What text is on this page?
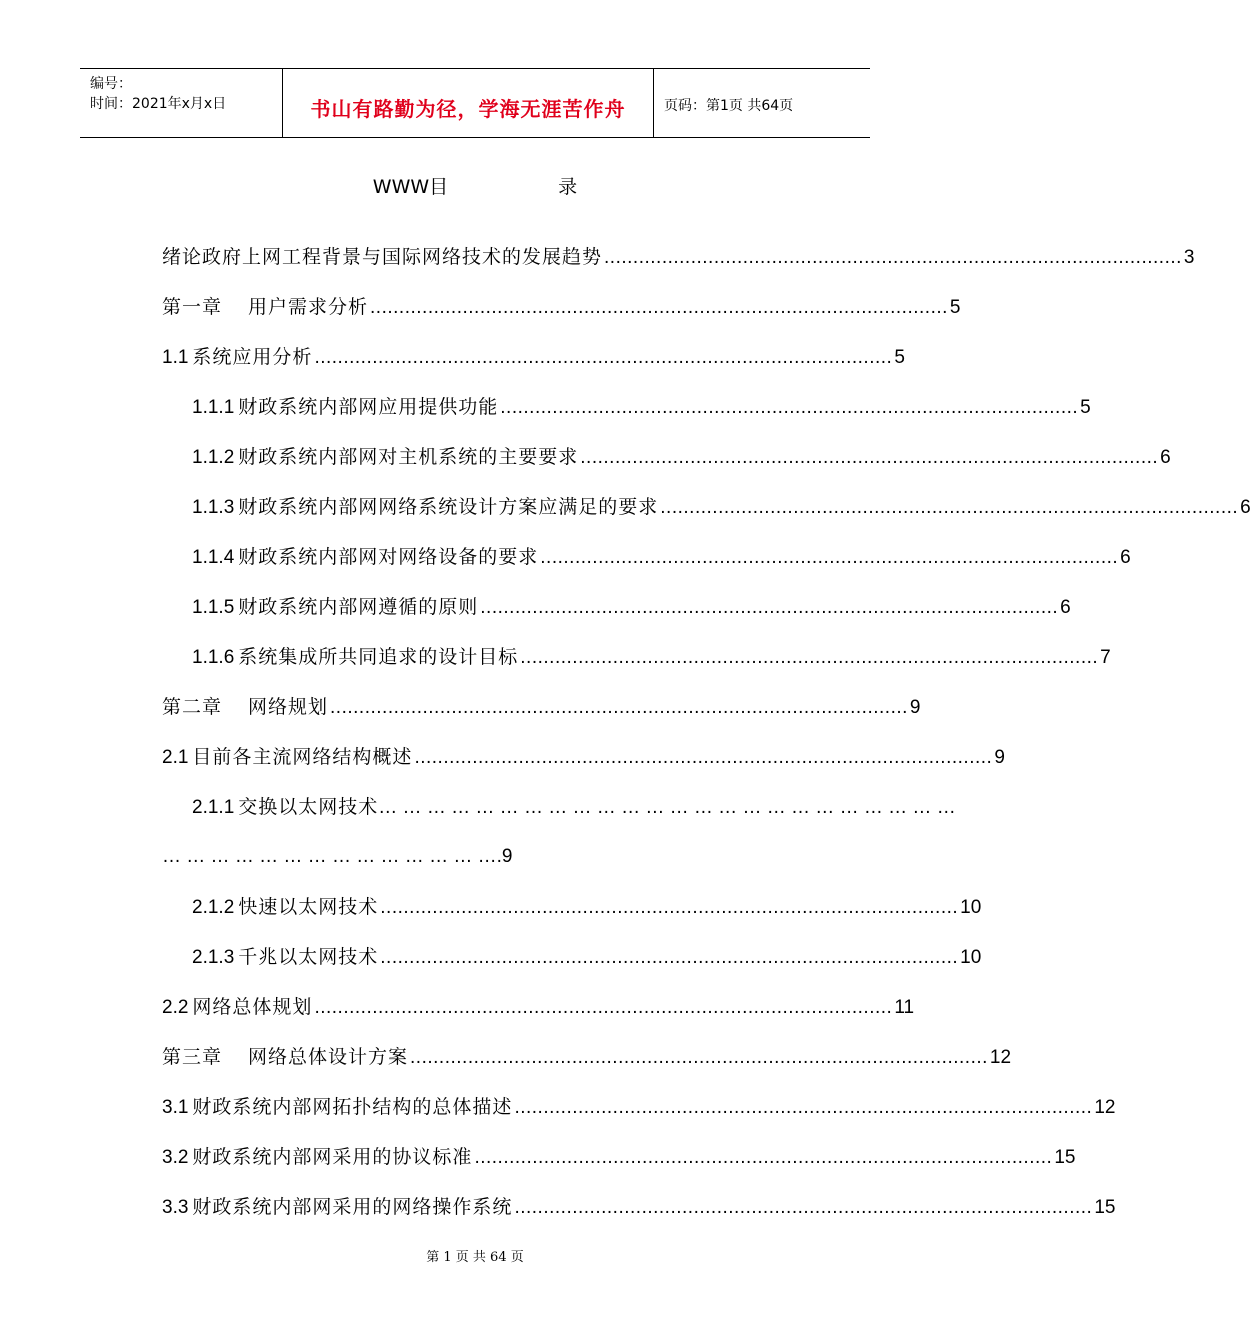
编号：
时间：2021年x月x日	书山有路勤为径，学海无涯苦作舟	页码：第1页 共64页
WWW目	录
绪论 政府上网工程背景与国际网络技术的发展趋势 .................................................................................................... 3
第一章 用户需求分析 .................................................................................................... 5
1.1 系统应用分析 .................................................................................................... 5
1.1.1 财政系统内部网应用提供功能 .................................................................................................... 5
1.1.2 财政系统内部网对主机系统的主要要求 .................................................................................................... 6
1.1.3 财政系统内部网网络系统设计方案应满足的要求 .................................................................................................... 6
1.1.4 财政系统内部网对网络设备的要求 .................................................................................................... 6
1.1.5 财政系统内部网遵循的原则 .................................................................................................... 6
1.1.6 系统集成所共同追求的设计目标 .................................................................................................... 7
第二章 网络规划 .................................................................................................... 9
2.1 目前各主流网络结构概述 .................................................................................................... 9
2.1.1 交换以太网技术 … … … … … … … … … … … … … … … … … … … … … … … …
… … … … … … … … … … … … … ….9
2.1.2 快速以太网技术 .................................................................................................... 10
2.1.3 千兆以太网技术 .................................................................................................... 10
2.2 网络总体规划 .................................................................................................... 11
第三章 网络总体设计方案 .................................................................................................... 12
3.1 财政系统内部网拓扑结构的总体描述 .................................................................................................... 12
3.2 财政系统内部网采用的协议标准 .................................................................................................... 15
3.3 财政系统内部网采用的网络操作系统 .................................................................................................... 15
第 1 页 共 64 页
